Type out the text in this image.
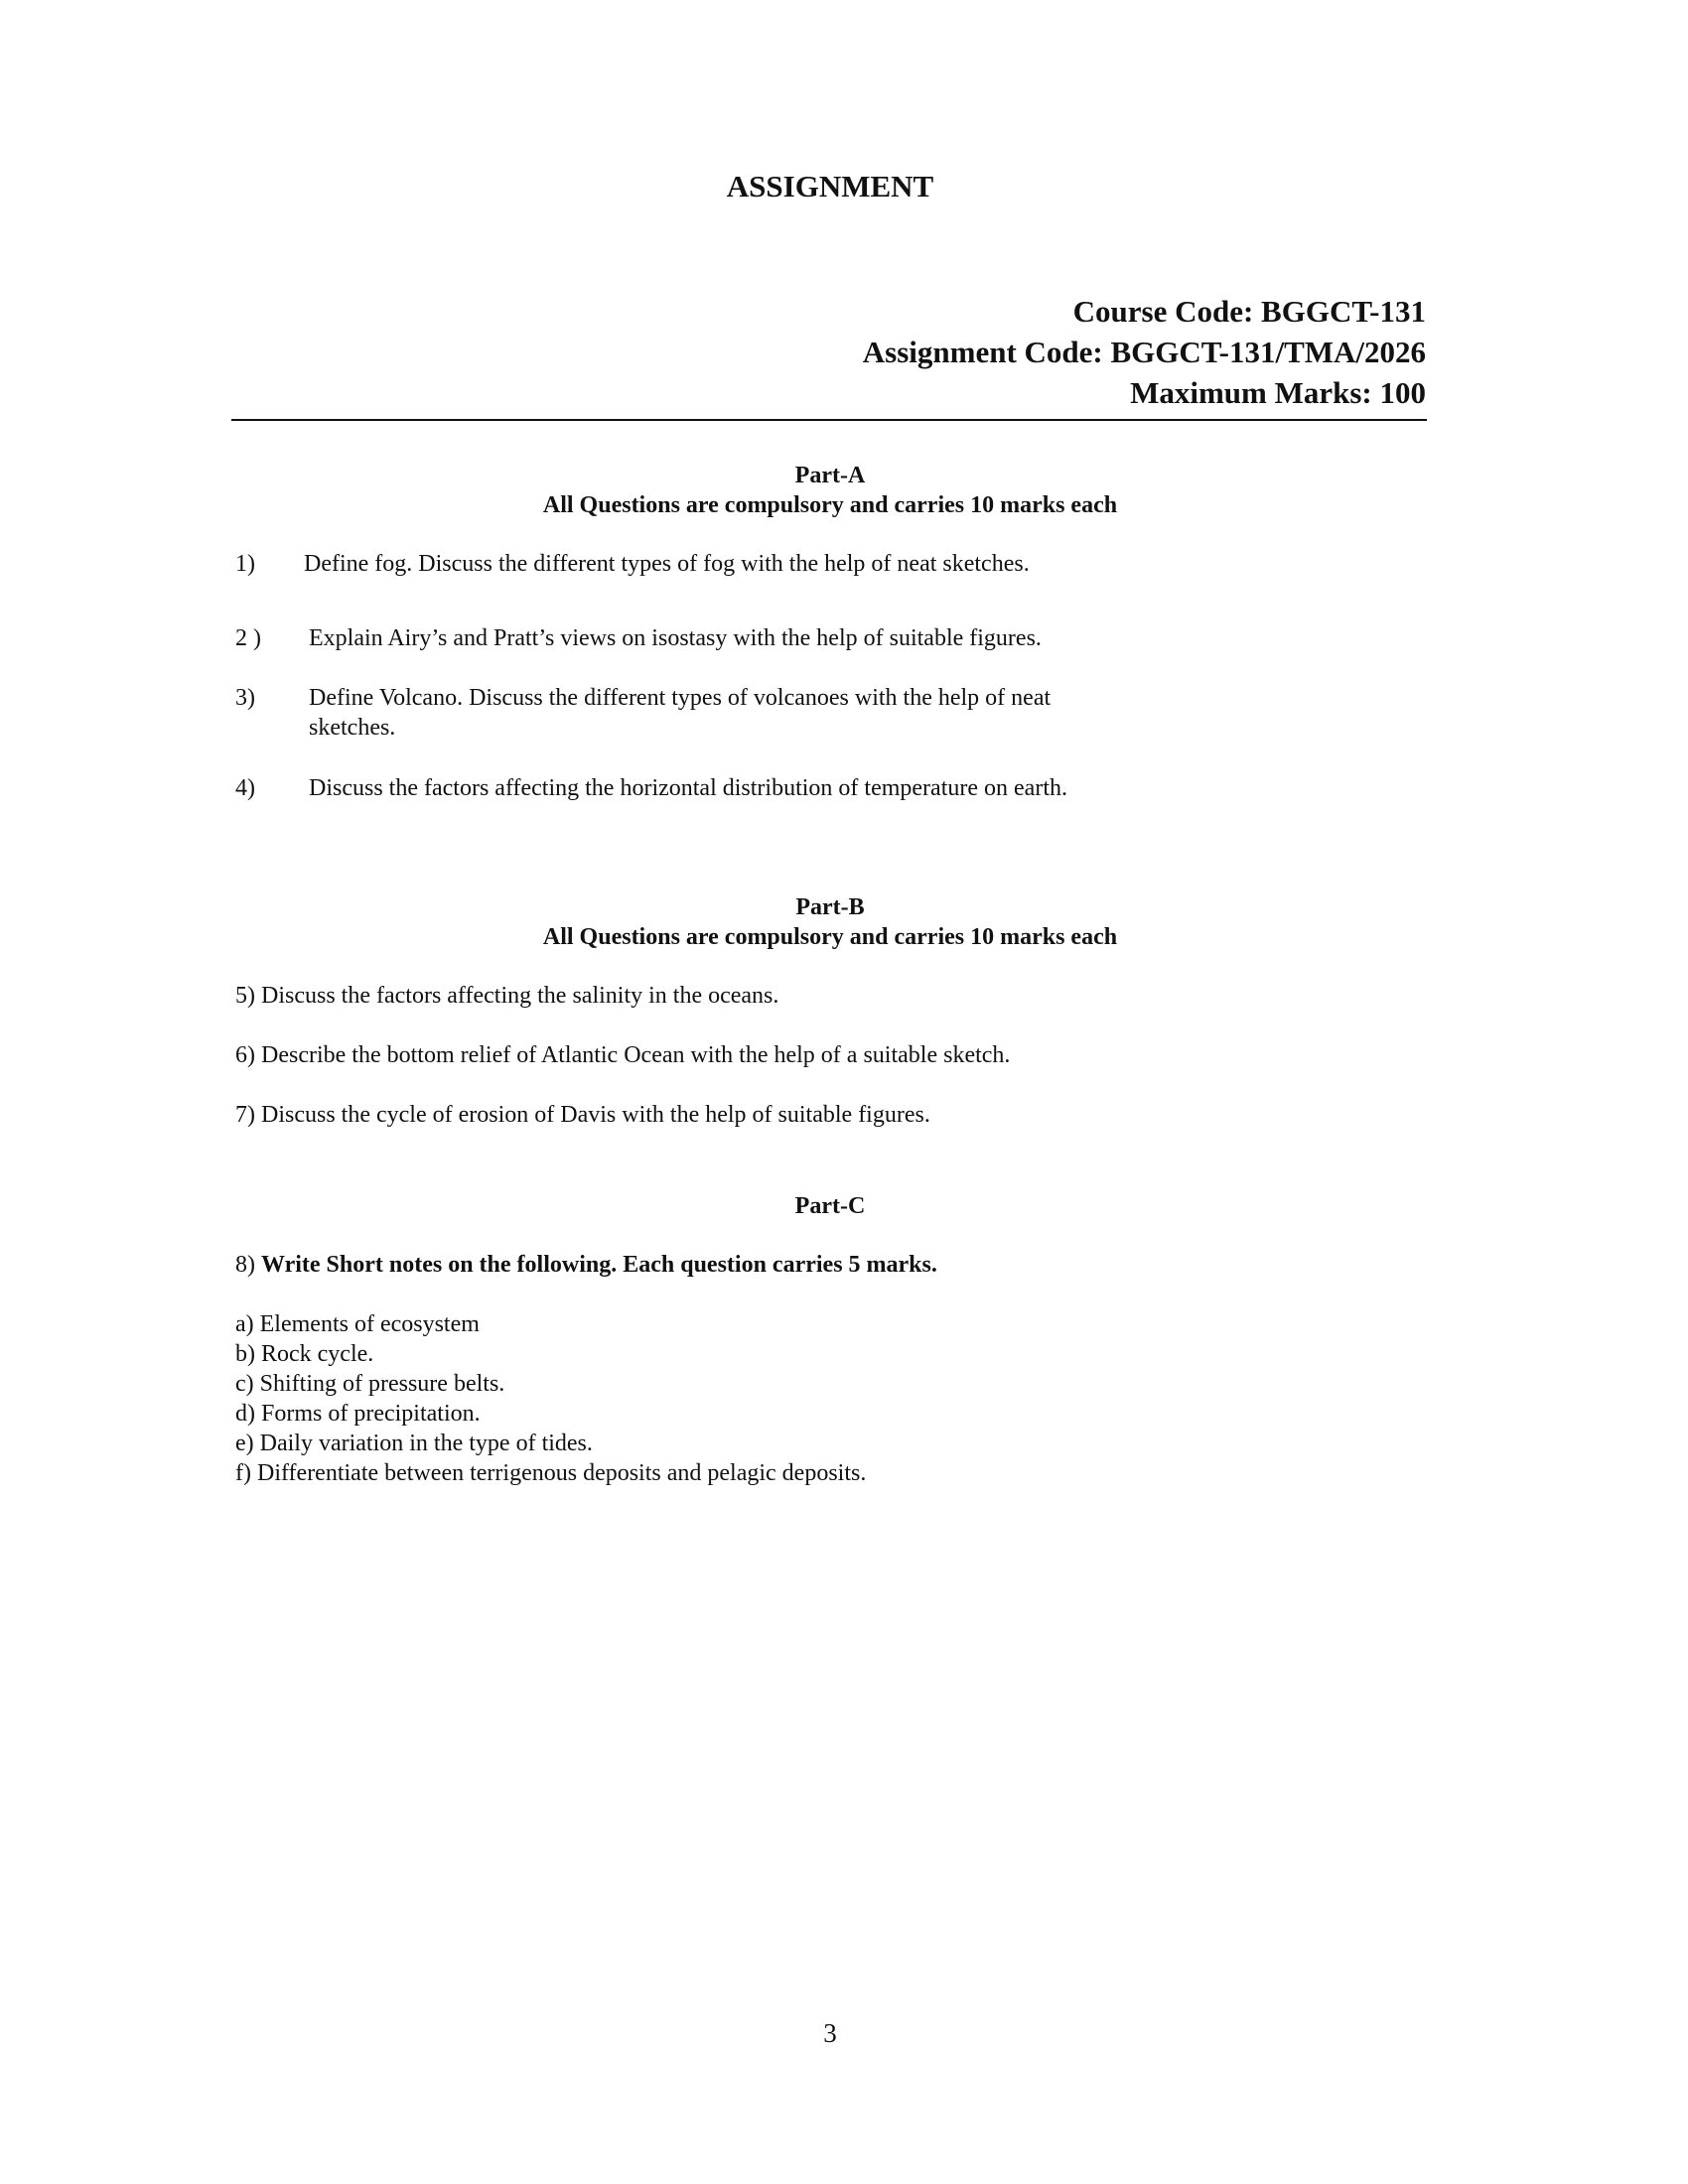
ASSIGNMENT
Course Code: BGGCT-131
Assignment Code: BGGCT-131/TMA/2026
Maximum Marks: 100
Part-A
All Questions are compulsory and carries 10 marks each
1) Define fog. Discuss the different types of fog with the help of neat sketches.
2 ) Explain Airy’s and Pratt’s views on isostasy with the help of suitable figures.
3) Define Volcano. Discuss the different types of volcanoes with the help of neat
sketches.
4) Discuss the factors affecting the horizontal distribution of temperature on earth.
Part-B
All Questions are compulsory and carries 10 marks each
5) Discuss the factors affecting the salinity in the oceans.
6) Describe the bottom relief of Atlantic Ocean with the help of a suitable sketch.
7) Discuss the cycle of erosion of Davis with the help of suitable figures.
Part-C
8) Write Short notes on the following. Each question carries 5 marks.
a) Elements of ecosystem
b) Rock cycle.
c) Shifting of pressure belts.
d) Forms of precipitation.
e) Daily variation in the type of tides.
f) Differentiate between terrigenous deposits and pelagic deposits.
3
